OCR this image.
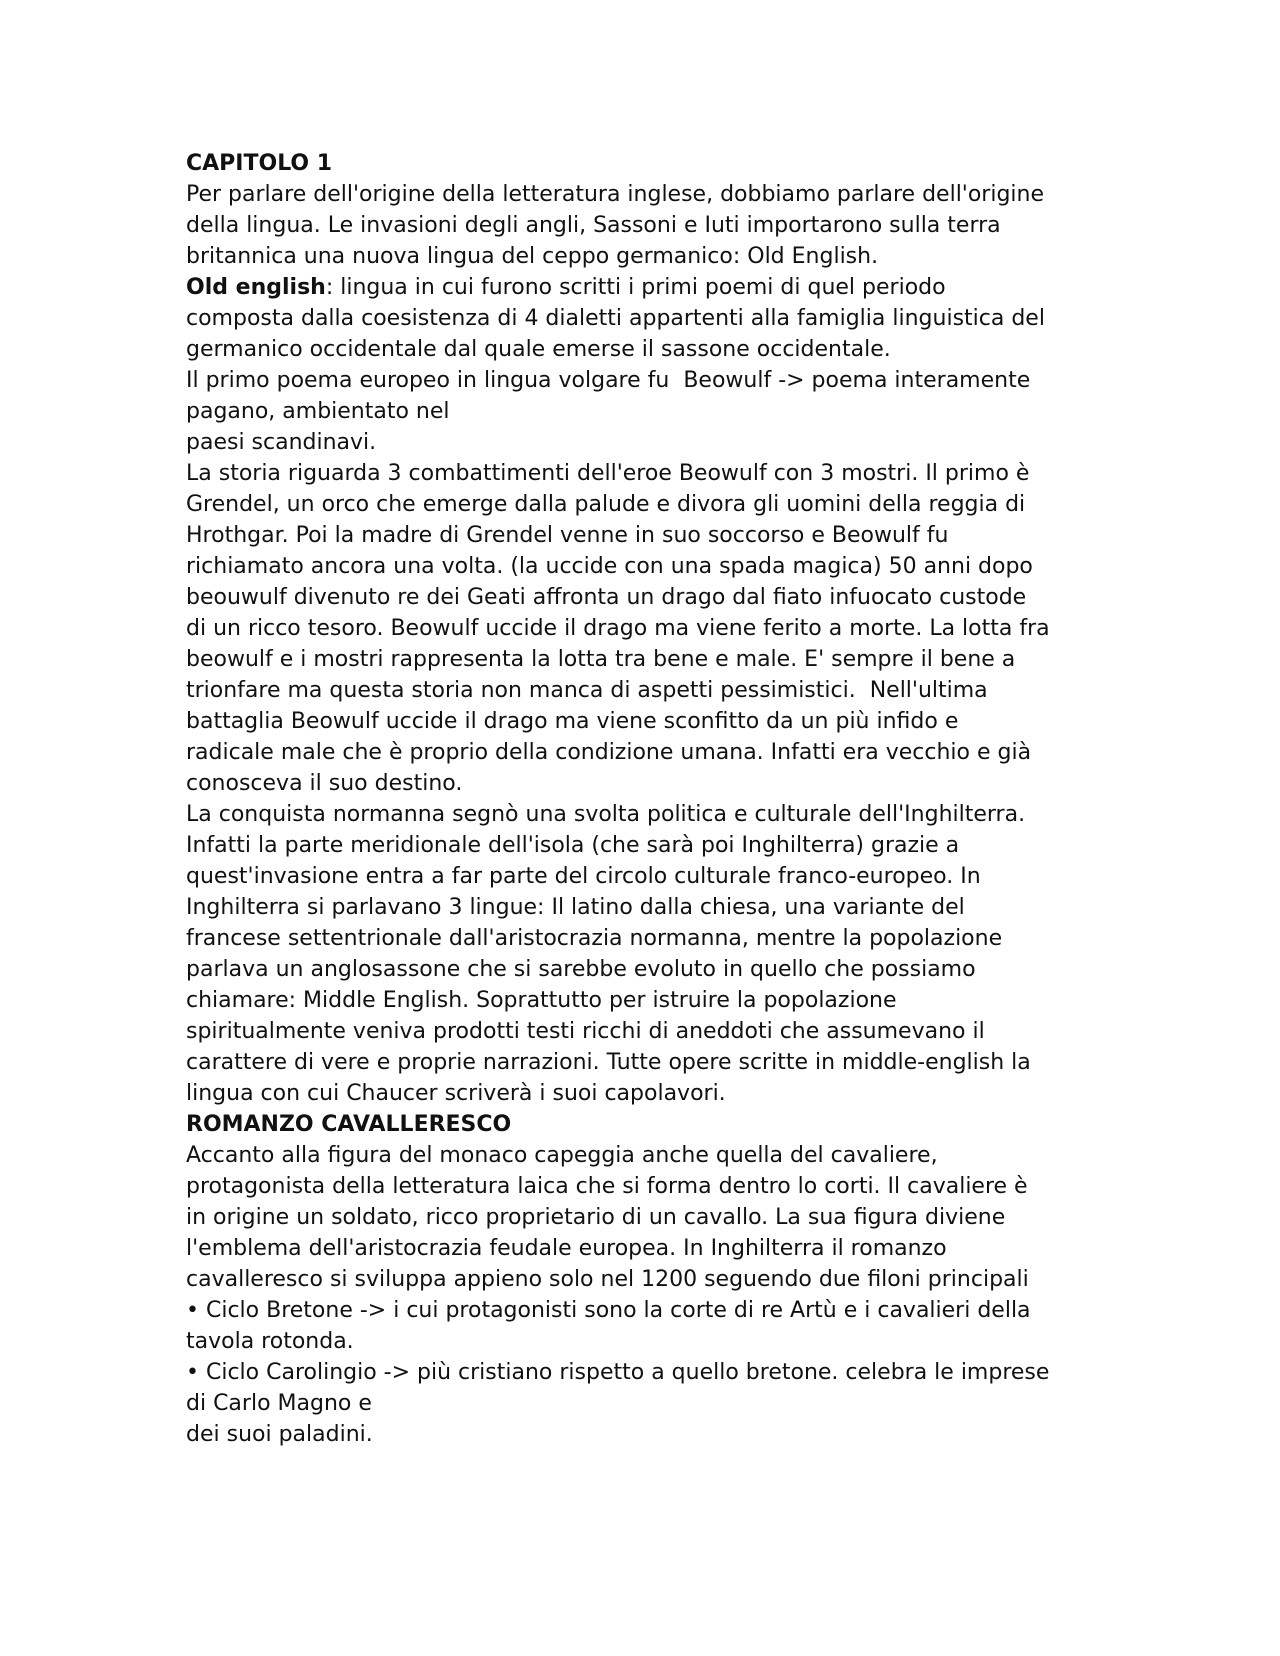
CAPITOLO 1
Per parlare dell'origine della letteratura inglese, dobbiamo parlare dell'origine
della lingua. Le invasioni degli angli, Sassoni e Iuti importarono sulla terra
britannica una nuova lingua del ceppo germanico: Old English.
Old english: lingua in cui furono scritti i primi poemi di quel periodo
composta dalla coesistenza di 4 dialetti appartenti alla famiglia linguistica del
germanico occidentale dal quale emerse il sassone occidentale.
Il primo poema europeo in lingua volgare fu  Beowulf -> poema interamente
pagano, ambientato nel
paesi scandinavi.
La storia riguarda 3 combattimenti dell'eroe Beowulf con 3 mostri. Il primo è
Grendel, un orco che emerge dalla palude e divora gli uomini della reggia di
Hrothgar. Poi la madre di Grendel venne in suo soccorso e Beowulf fu
richiamato ancora una volta. (la uccide con una spada magica) 50 anni dopo
beouwulf divenuto re dei Geati affronta un drago dal fiato infuocato custode
di un ricco tesoro. Beowulf uccide il drago ma viene ferito a morte. La lotta fra
beowulf e i mostri rappresenta la lotta tra bene e male. E' sempre il bene a
trionfare ma questa storia non manca di aspetti pessimistici.  Nell'ultima
battaglia Beowulf uccide il drago ma viene sconfitto da un più infido e
radicale male che è proprio della condizione umana. Infatti era vecchio e già
conosceva il suo destino.
La conquista normanna segnò una svolta politica e culturale dell'Inghilterra.
Infatti la parte meridionale dell'isola (che sarà poi Inghilterra) grazie a
quest'invasione entra a far parte del circolo culturale franco-europeo. In
Inghilterra si parlavano 3 lingue: Il latino dalla chiesa, una variante del
francese settentrionale dall'aristocrazia normanna, mentre la popolazione
parlava un anglosassone che si sarebbe evoluto in quello che possiamo
chiamare: Middle English. Soprattutto per istruire la popolazione
spiritualmente veniva prodotti testi ricchi di aneddoti che assumevano il
carattere di vere e proprie narrazioni. Tutte opere scritte in middle-english la
lingua con cui Chaucer scriverà i suoi capolavori.
ROMANZO CAVALLERESCO
Accanto alla figura del monaco capeggia anche quella del cavaliere,
protagonista della letteratura laica che si forma dentro lo corti. Il cavaliere è
in origine un soldato, ricco proprietario di un cavallo. La sua figura diviene
l'emblema dell'aristocrazia feudale europea. In Inghilterra il romanzo
cavalleresco si sviluppa appieno solo nel 1200 seguendo due filoni principali
• Ciclo Bretone -> i cui protagonisti sono la corte di re Artù e i cavalieri della
tavola rotonda.
• Ciclo Carolingio -> più cristiano rispetto a quello bretone. celebra le imprese
di Carlo Magno e
dei suoi paladini.
